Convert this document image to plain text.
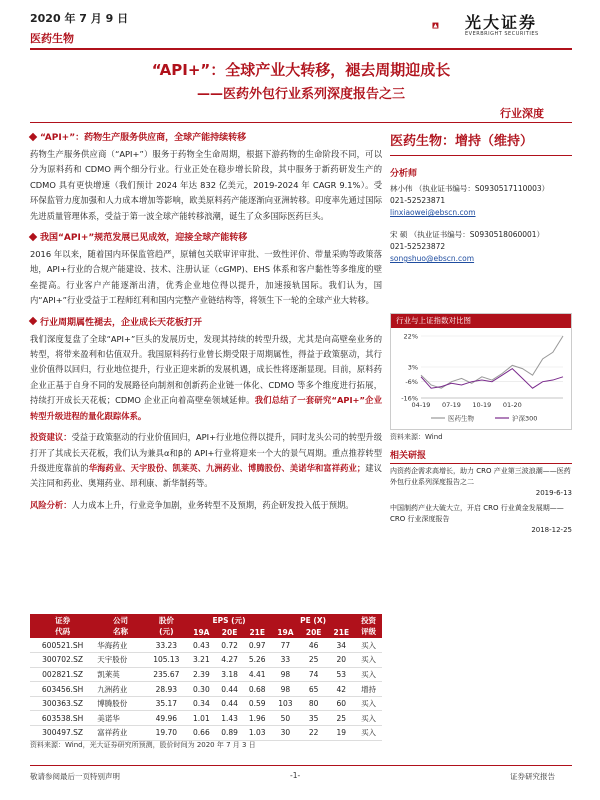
2020 年 7 月 9 日
医药生物
光大证券
EVERBRIGHT SECURITIES
“API+”：全球产业大转移，褪去周期迎成长
——医药外包行业系列深度报告之三
行业深度
“API+”：药物生产服务供应商，全球产能持续转移
药物生产服务供应商（“API+”）服务于药物全生命周期，根据下游药物的生命阶段不同，可以分为原料药和 CDMO 两个细分行业。行业正处在稳步增长阶段，其中服务于新药研发生产的 CDMO 具有更快增速（我们预计 2024 年达 832 亿美元，2019-2024 年 CAGR 9.1%）。受环保监管力度加强和人力成本增加等影响，欧美原料药产能逐渐向亚洲转移。印度率先通过国际先进质量管理体系，受益于第一波全球产能转移浪潮，诞生了众多国际医药巨头。
我国“API+”规范发展已见成效，迎接全球产能转移
2016 年以来，随着国内环保监管趋严，原辅包关联审评审批、一致性评价、带量采购等政策落地，API+行业的合规产能建设、技术、注册认证（cGMP)、EHS 体系和客户黏性等多维度的壁垒提高。行业客户产能逐渐出清，优秀企业地位得以提升，加速接轨国际。我们认为，国内“API+”行业受益于工程师红利和国内完整产业链结构等，将领生下一轮的全球产业大转移。
行业周期属性褪去，企业成长天花板打开
我们深度复盘了全球“API+”巨头的发展历史，发现其持续的转型升级，尤其是向高壁垒业务的转型，将带来盈利和估值双升。我国原料药行业曾长期受限于周期属性，得益于政策驱动，其行业价值得以回归，行业地位提升，行业正迎来新的发展机遇，成长性将逐渐显现。目前，原料药企业正基于自身不同的发展路径向制剂和创新药企业链一体化、CDMO 等多个维度进行拓展，持续打开成长天花板；CDMO 企业正向着高壁垒领域延伸。我们总结了一套研究“API+”企业转型升级进程的量化跟踪体系。
投资建议：受益于政策驱动的行业价值回归，API+行业地位得以提升，同时龙头公司的转型升级打开了其成长天花板，我们认为兼具α和β的 API+行业将迎来一个大的景气周期。重点推荐转型升级进度靠前的华海药业、天宇股份、凯莱英、九洲药业、博腾股份、美诺华和富祥药业；建议关注同和药业、奥翔药业、昂利康、新华制药等。
风险分析：人力成本上升，行业竞争加剧，业务转型不及预期，药企研发投入低于预期。
证券
代码	公司
名称	股价
(元)	EPS (元)			PE (X)			投资
评级
			19A	20E	21E	19A	20E	21E	
600521.SH	华海药业	33.23	0.43	0.72	0.97	77	46	34	买入
300702.SZ	天宇股份	105.13	3.21	4.27	5.26	33	25	20	买入
002821.SZ	凯莱英	235.67	2.39	3.18	4.41	98	74	53	买入
603456.SH	九洲药业	28.93	0.30	0.44	0.68	98	65	42	增持
300363.SZ	博腾股份	35.17	0.34	0.44	0.59	103	80	60	买入
603538.SH	美诺华	49.96	1.01	1.43	1.96	50	35	25	买入
300497.SZ	富祥药业	19.70	0.66	0.89	1.03	30	22	19	买入
资料来源：Wind，光大证券研究所预测，股价时间为 2020 年 7 月 3 日
医药生物：增持（维持）
分析师
林小伟 （执业证书编号：S0930517110003）
021-52523871
linxiaowei@ebscn.com
宋 硕 （执业证书编号：S0930518060001）
021-52523872
songshuo@ebscn.com
行业与上证指数对比图
22%
3%
-6%
-16%
04-19 07-19 10-19 01-20
医药生物	沪深300
资料来源：Wind
相关研报
内资药企需求高增长，助力 CRO 产业第三波浪潮——医药外包行业系列深度报告之二
2019-6-13
中国制药产业大破大立，开启 CRO 行业黄金发展期——CRO 行业深度报告
2018-12-25
敬请参阅最后一页特别声明	-1-	证券研究报告
